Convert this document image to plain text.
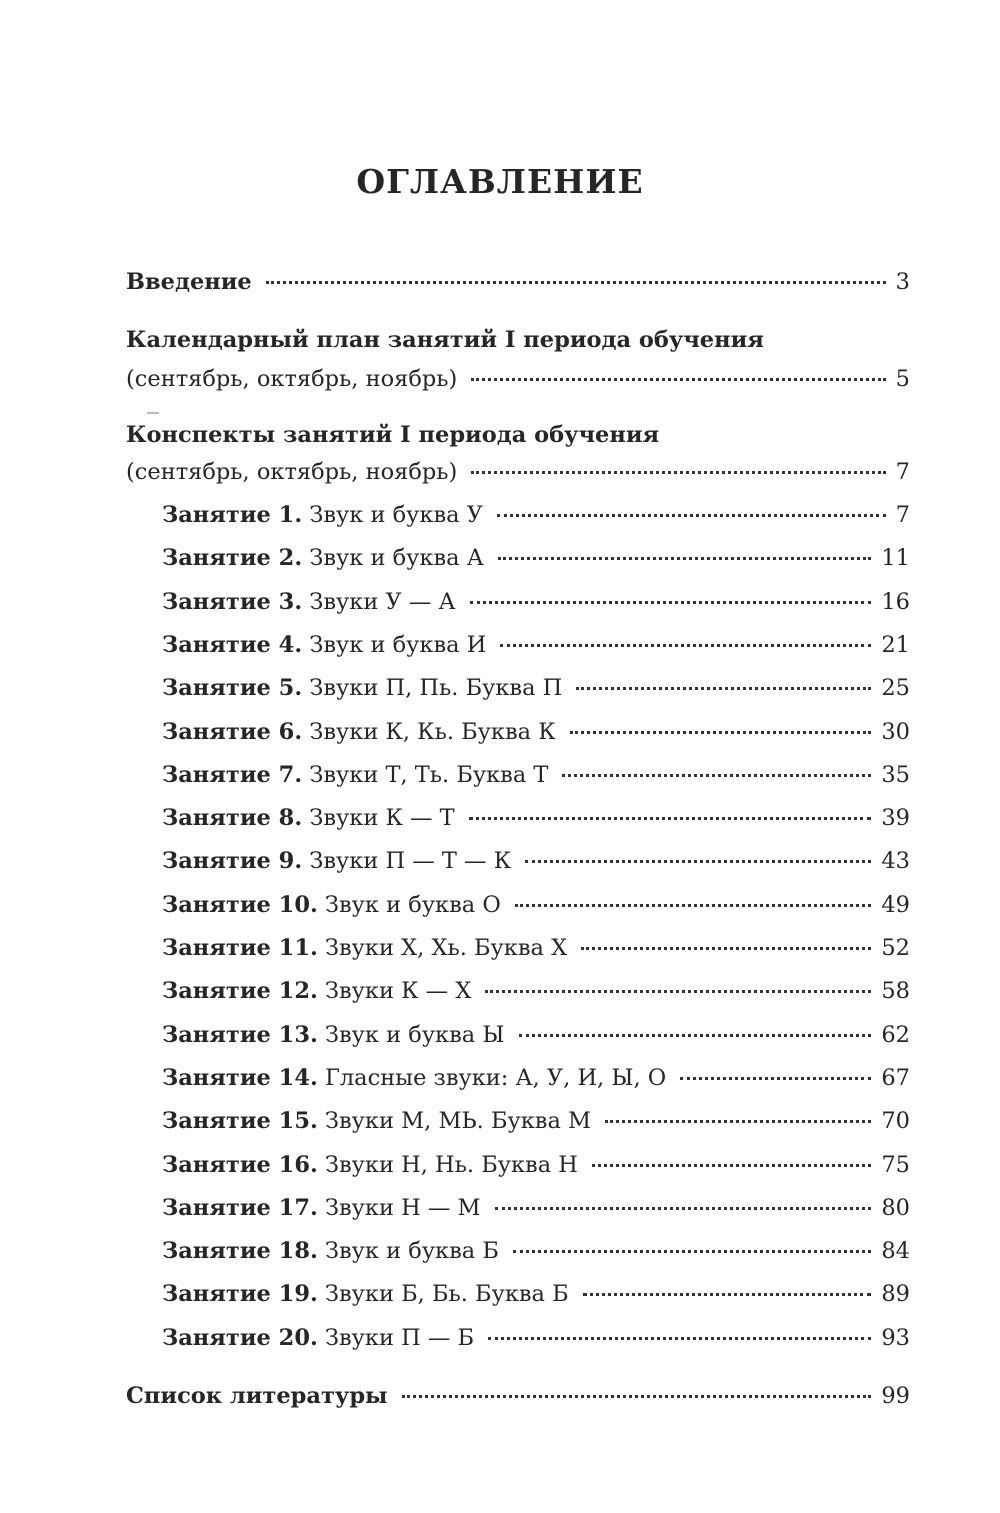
ОГЛАВЛЕНИЕ
Введение	3
Календарный план занятий I периода обучения
(сентябрь, октябрь, ноябрь)	5
Конспекты занятий I периода обучения
(сентябрь, октябрь, ноябрь)	7
Занятие 1. Звук и буква У	7
Занятие 2. Звук и буква А	11
Занятие 3. Звуки У — А	16
Занятие 4. Звук и буква И	21
Занятие 5. Звуки П, Пь. Буква П	25
Занятие 6. Звуки К, Кь. Буква К	30
Занятие 7. Звуки Т, Ть. Буква Т	35
Занятие 8. Звуки К — Т	39
Занятие 9. Звуки П — Т — К	43
Занятие 10. Звук и буква О	49
Занятие 11. Звуки Х, Хь. Буква Х	52
Занятие 12. Звуки К — Х	58
Занятие 13. Звук и буква Ы	62
Занятие 14. Гласные звуки: А, У, И, Ы, О	67
Занятие 15. Звуки М, МЬ. Буква М	70
Занятие 16. Звуки Н, Нь. Буква Н	75
Занятие 17. Звуки Н — М	80
Занятие 18. Звук и буква Б	84
Занятие 19. Звуки Б, Бь. Буква Б	89
Занятие 20. Звуки П — Б	93
Список литературы	99
